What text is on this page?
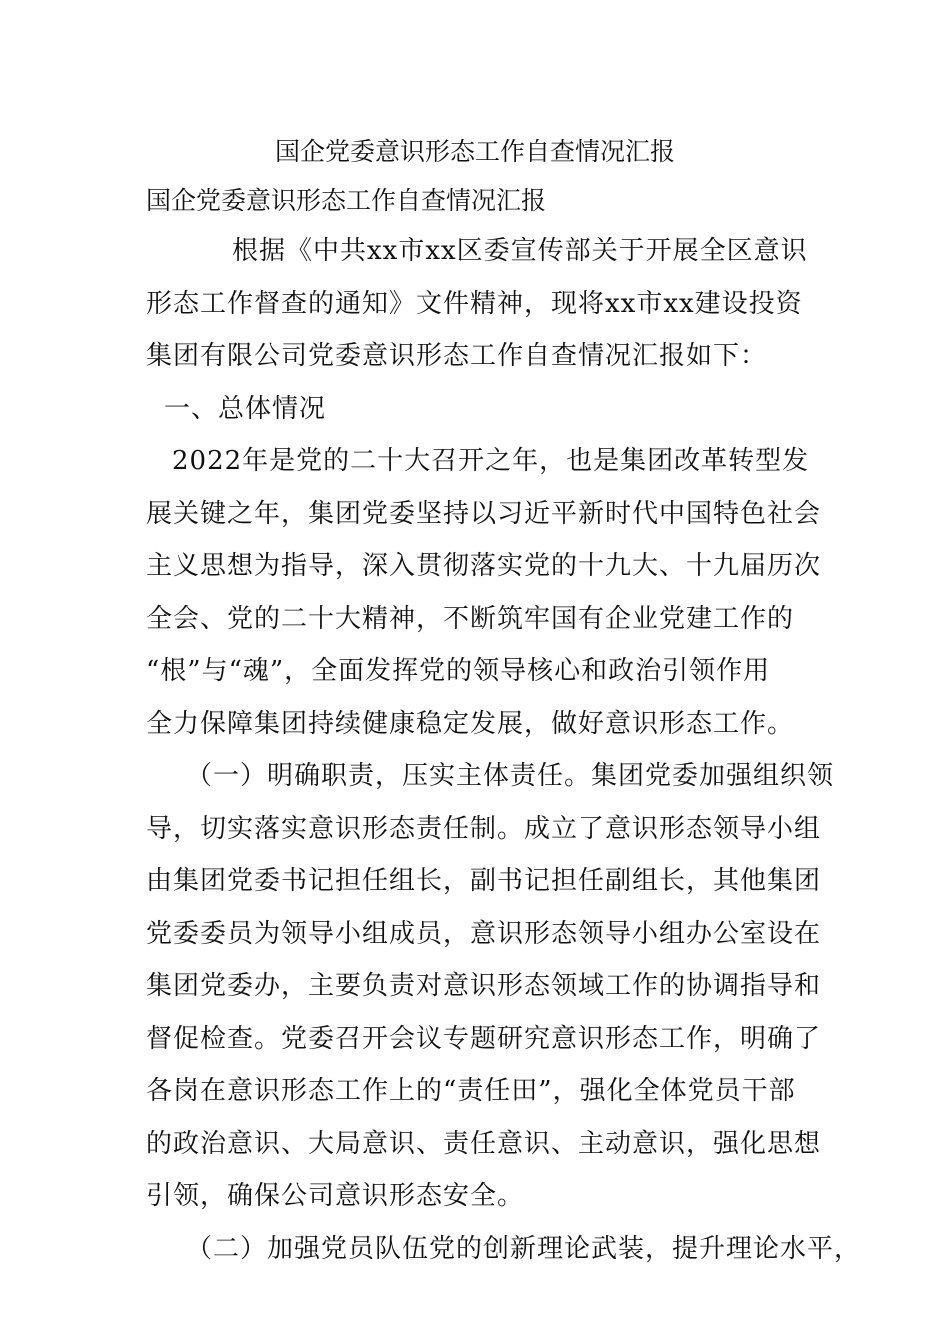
国企党委意识形态工作自查情况汇报
国企党委意识形态工作自查情况汇报
根据《中共xx市xx区委宣传部关于开展全区意识
形态工作督查的通知》文件精神，现将xx市xx建设投资
集团有限公司党委意识形态工作自查情况汇报如下：
一、总体情况
2022年是党的二十大召开之年，也是集团改革转型发
展关键之年，集团党委坚持以习近平新时代中国特色社会
主义思想为指导，深入贯彻落实党的十九大、十九届历次
全会、党的二十大精神，不断筑牢国有企业党建工作的
“根”与“魂”，全面发挥党的领导核心和政治引领作用
全力保障集团持续健康稳定发展，做好意识形态工作。
（一）明确职责，压实主体责任。集团党委加强组织领
导，切实落实意识形态责任制。成立了意识形态领导小组
由集团党委书记担任组长，副书记担任副组长，其他集团
党委委员为领导小组成员，意识形态领导小组办公室设在
集团党委办，主要负责对意识形态领域工作的协调指导和
督促检查。党委召开会议专题研究意识形态工作，明确了
各岗在意识形态工作上的“责任田”，强化全体党员干部
的政治意识、大局意识、责任意识、主动意识，强化思想
引领，确保公司意识形态安全。
（二）加强党员队伍党的创新理论武装，提升理论水平，
